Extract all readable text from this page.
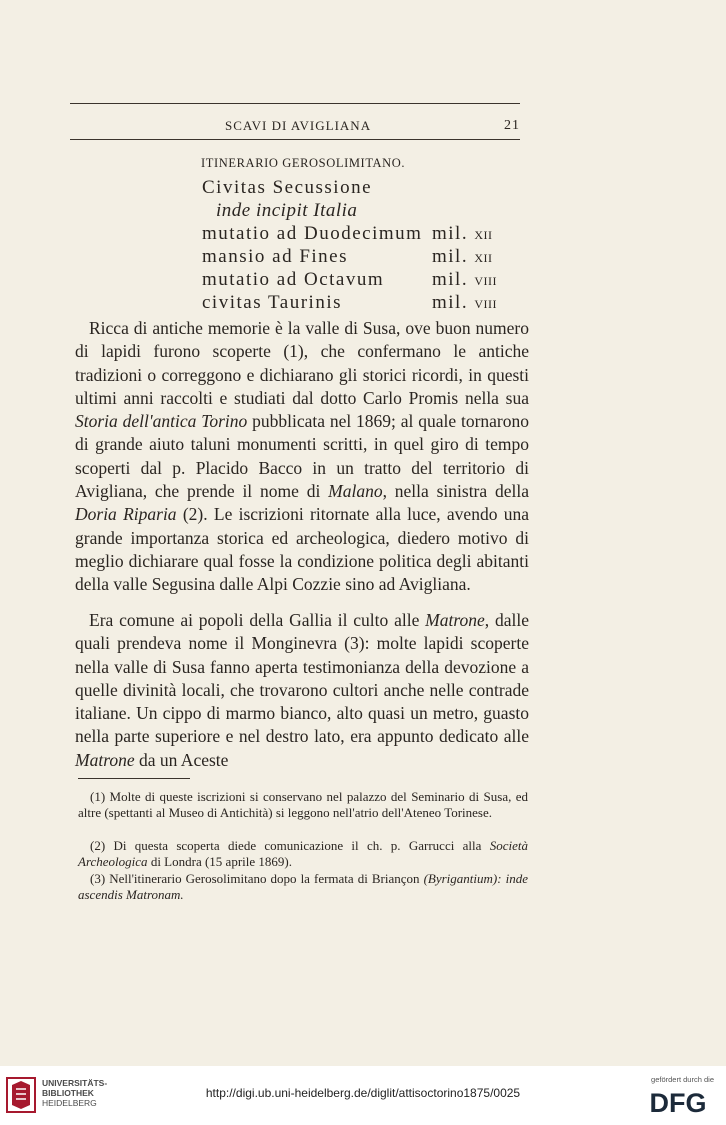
SCAVI DI AVIGLIANA	21
ITINERARIO GEROSOLIMITANO.
Civitas Secussione
inde incipit Italia
mutatio ad Duodecimum mil. XII
mansio ad Fines	mil. XII
mutatio ad Octavum	mil. VIII
civitas Taurinis	mil. VIII

Ricca di antiche memorie è la valle di Susa, ove buon numero di lapidi furono scoperte (1), che confermano le antiche tradizioni o correggono e dichiarano gli storici ricordi, in questi ultimi anni raccolti e studiati dal dotto Carlo Promis nella sua Storia dell'antica Torino pubblicata nel 1869; al quale tornarono di grande aiuto taluni monumenti scritti, in quel giro di tempo scoperti dal p. Placido Bacco in un tratto del territorio di Avigliana, che prende il nome di Malano, nella sinistra della Doria Riparia (2). Le iscrizioni ritornate alla luce, avendo una grande importanza storica ed archeologica, diedero motivo di meglio dichiarare qual fosse la condizione politica degli abitanti della valle Segusina dalle Alpi Cozzie sino ad Avigliana.

Era comune ai popoli della Gallia il culto alle Matrone, dalle quali prendeva nome il Monginevra (3): molte lapidi scoperte nella valle di Susa fanno aperta testimonianza della devozione a quelle divinità locali, che trovarono cultori anche nelle contrade italiane. Un cippo di marmo bianco, alto quasi un metro, guasto nella parte superiore e nel destro lato, era appunto dedicato alle Matrone da un Aceste

(1) Molte di queste iscrizioni si conservano nel palazzo del Seminario di Susa, ed altre (spettanti al Museo di Antichità) si leggono nell'atrio dell'Ateneo Torinese.

(2) Di questa scoperta diede comunicazione il ch. p. Garrucci alla Società Archeologica di Londra (15 aprile 1869).

(3) Nell'itinerario Gerosolimitano dopo la fermata di Briançon (Byrigantium): inde ascendis Matronam.

UNIVERSITÄTS-
BIBLIOTHEK
HEIDELBERG
http://digi.ub.uni-heidelberg.de/diglit/attisoctorino1875/0025
gefördert durch die
DFG
